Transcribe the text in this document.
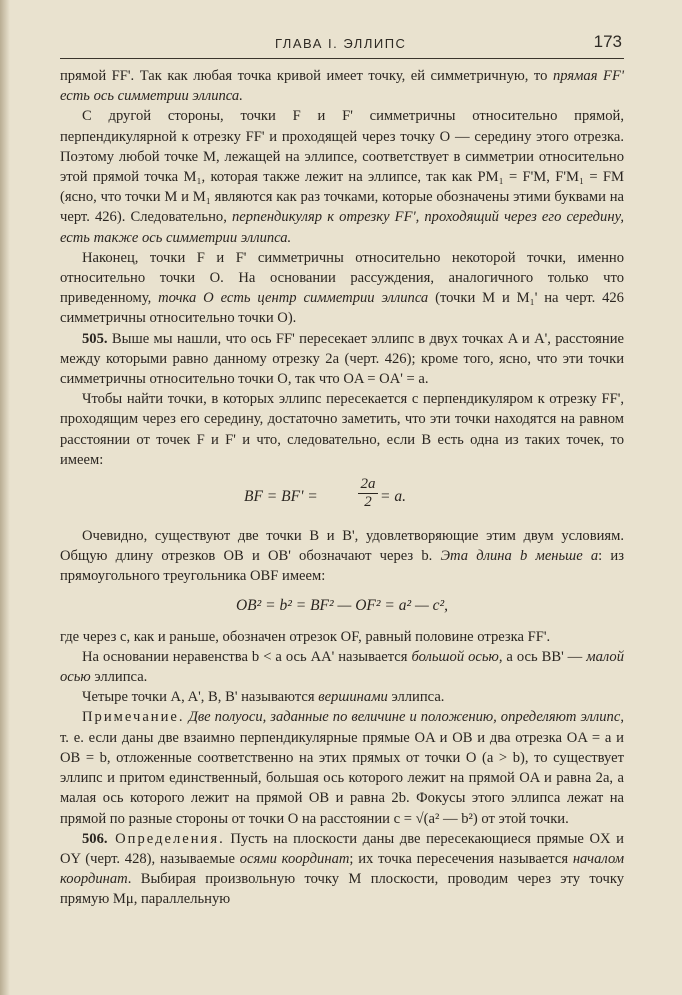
ГЛАВА I. ЭЛЛИПС	173

прямой FF'. Так как любая точка кривой имеет точку, ей симметричную, то прямая FF' есть ось симметрии эллипса.

С другой стороны, точки F и F' симметричны относительно прямой, перпендикулярной к отрезку FF' и проходящей через точку O — середину этого отрезка. Поэтому любой точке M, лежащей на эллипсе, соответствует в симметрии относительно этой прямой точка M₁, которая также лежит на эллипсе, так как PM₁ = F'M, F'M₁ = FM (ясно, что точки M и M₁ являются как раз точками, которые обозначены этими буквами на черт. 426). Следовательно, перпендикуляр к отрезку FF', проходящий через его середину, есть также ось симметрии эллипса.

Наконец, точки F и F' симметричны относительно некоторой точки, именно относительно точки O. На основании рассуждения, аналогичного только что приведенному, точка O есть центр симметрии эллипса (точки M и M₁' на черт. 426 симметричны относительно точки O).

505. Выше мы нашли, что ось FF' пересекает эллипс в двух точках A и A', расстояние между которыми равно данному отрезку 2a (черт. 426); кроме того, ясно, что эти точки симметричны относительно точки O, так что OA = OA' = a.

Чтобы найти точки, в которых эллипс пересекается с перпендикуляром к отрезку FF', проходящим через его середину, достаточно заметить, что эти точки находятся на равном расстоянии от точек F и F' и что, следовательно, если B есть одна из таких точек, то имеем:

BF = BF' =	$\frac{2a}{2} = a$.

Очевидно, существуют две точки B и B', удовлетворяющие этим двум условиям. Общую длину отрезков OB и OB' обозначают через b. Эта длина b меньше a: из прямоугольного треугольника OBF имеем:

OB² = b² = BF² — OF² = a² — c²,

где через c, как и раньше, обозначен отрезок OF, равный половине отрезка FF'.

На основании неравенства b < a ось AA' называется большой осью, а ось BB' — малой осью эллипса.

Четыре точки A, A', B, B' называются вершинами эллипса.

Примечание. Две полуоси, заданные по величине и положению, определяют эллипс, т. е. если даны две взаимно перпендикулярные прямые OA и OB и два отрезка OA = a и OB = b, отложенные соответственно на этих прямых от точки O (a > b), то существует эллипс и притом единственный, большая ось которого лежит на прямой OA и равна 2a, а малая ось которого лежит на прямой OB и равна 2b. Фокусы этого эллипса лежат на прямой по разные стороны от точки O на расстоянии c = √(a² — b²) от этой точки.

506. Определения. Пусть на плоскости даны две пересекающиеся прямые OX и OY (черт. 428), называемые осями координат; их точка пересечения называется началом координат. Выбирая произвольную точку M плоскости, проводим через эту точку прямую Mμ, параллельную
